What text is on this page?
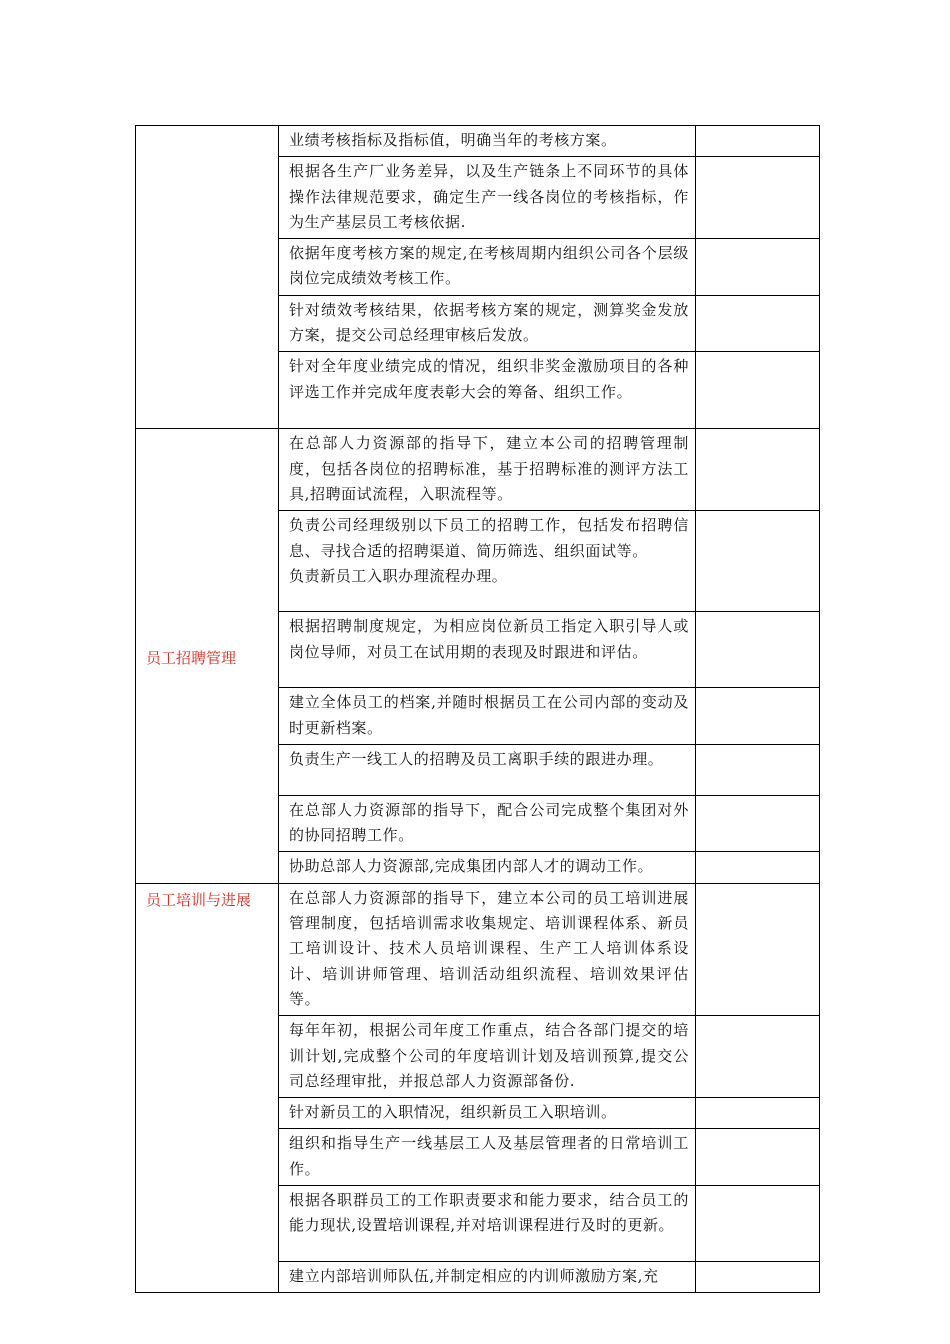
	业绩考核指标及指标值，明确当年的考核方案。	

	根据各生产厂业务差异，以及生产链条上不同环节的具体操作法律规范要求，确定生产一线各岗位的考核指标，作为生产基层员工考核依据.	

	依据年度考核方案的规定,在考核周期内组织公司各个层级岗位完成绩效考核工作。	

	针对绩效考核结果，依据考核方案的规定，测算奖金发放方案，提交公司总经理审核后发放。	

	针对全年度业绩完成的情况，组织非奖金激励项目的各种评选工作并完成年度表彰大会的筹备、组织工作。	

员工招聘管理	在总部人力资源部的指导下，建立本公司的招聘管理制度，包括各岗位的招聘标准，基于招聘标准的测评方法工具,招聘面试流程，入职流程等。	

	负责公司经理级别以下员工的招聘工作，包括发布招聘信息、寻找合适的招聘渠道、简历筛选、组织面试等。
负责新员工入职办理流程办理。	

	根据招聘制度规定，为相应岗位新员工指定入职引导人或岗位导师，对员工在试用期的表现及时跟进和评估。	

	建立全体员工的档案,并随时根据员工在公司内部的变动及时更新档案。	

	负责生产一线工人的招聘及员工离职手续的跟进办理。	

	在总部人力资源部的指导下，配合公司完成整个集团对外的协同招聘工作。	

	协助总部人力资源部,完成集团内部人才的调动工作。	

员工培训与进展	在总部人力资源部的指导下，建立本公司的员工培训进展管理制度，包括培训需求收集规定、培训课程体系、新员工培训设计、技术人员培训课程、生产工人培训体系设计、培训讲师管理、培训活动组织流程、培训效果评估等。	

	每年年初，根据公司年度工作重点，结合各部门提交的培训计划,完成整个公司的年度培训计划及培训预算,提交公司总经理审批，并报总部人力资源部备份.	

	针对新员工的入职情况，组织新员工入职培训。	

	组织和指导生产一线基层工人及基层管理者的日常培训工作。	

	根据各职群员工的工作职责要求和能力要求，结合员工的能力现状,设置培训课程,并对培训课程进行及时的更新。	

	建立内部培训师队伍,并制定相应的内训师激励方案,充	
